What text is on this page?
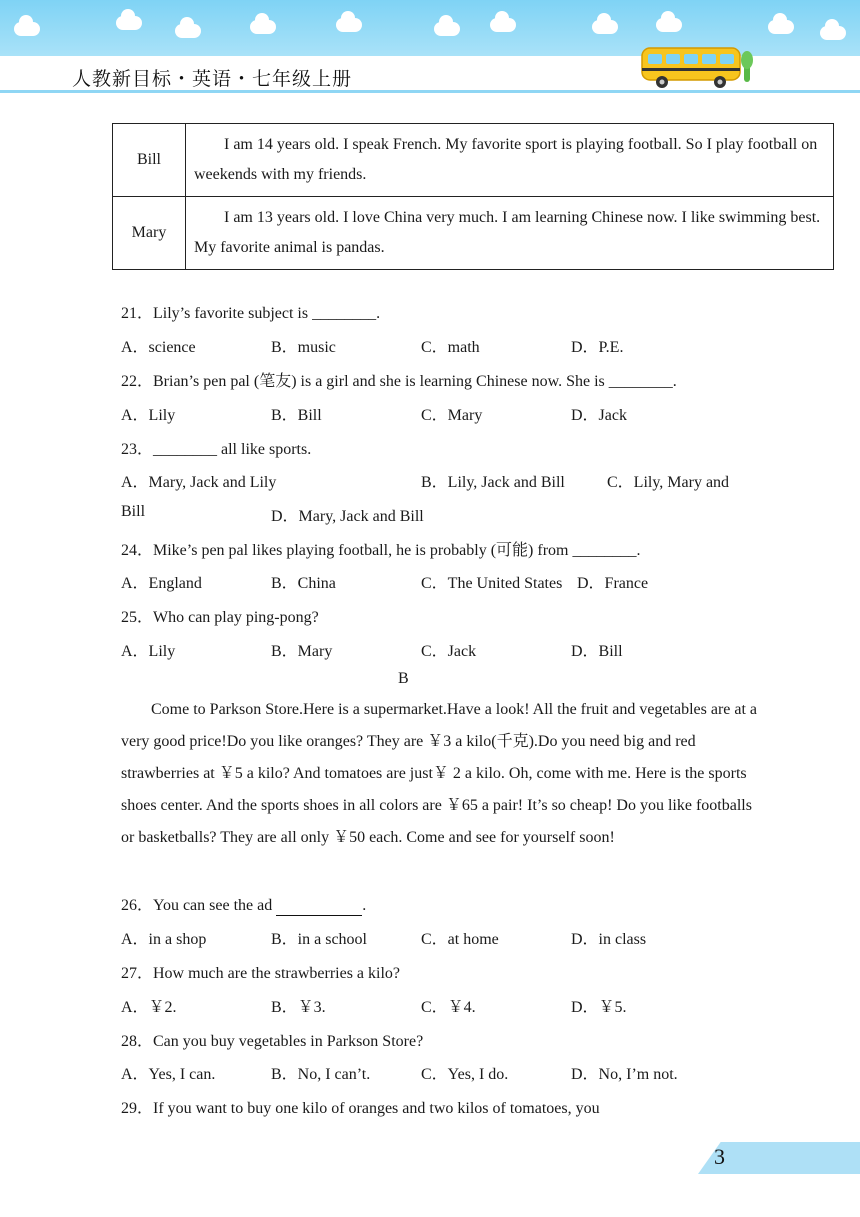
人教新目标・英语・七年级上册
Bill	I am 14 years old. I speak French. My favorite sport is playing football. So I play football on weekends with my friends.
Mary	I am 13 years old. I love China very much. I am learning Chinese now. I like swimming best. My favorite animal is pandas.
21．Lily’s favorite subject is ________.
A．science	B．music	C．math	D．P.E.
22．Brian’s pen pal (笔友) is a girl and she is learning Chinese now. She is ________.
A．Lily	B．Bill	C．Mary	D．Jack
23．________ all like sports.
A．Mary, Jack and Lily	B．Lily, Jack and Bill	C．Lily, Mary and
Bill	D．Mary, Jack and Bill
24．Mike’s pen pal likes playing football, he is probably (可能) from ________.
A．England	B．China	C．The United States D．France
25．Who can play ping-pong?
A．Lily	B．Mary	C．Jack	D．Bill
B
Come to Parkson Store.Here is a supermarket.Have a look! All the fruit and vegetables are at a very good price!Do you like oranges? They are ￥3 a kilo(千克).Do you need big and red strawberries at ￥5 a kilo? And tomatoes are just￥ 2 a kilo. Oh, come with me. Here is the sports shoes center. And the sports shoes in all colors are ￥65 a pair! It’s so cheap! Do you like footballs or basketballs? They are all only ￥50 each. Come and see for yourself soon!
26．You can see the ad	.
A．in a shop	B．in a school	C．at home	D．in class
27．How much are the strawberries a kilo?
A．￥2.	B．￥3.	C．￥4.	D．￥5.
28．Can you buy vegetables in Parkson Store?
A．Yes, I can.	B．No, I can’t.	C．Yes, I do.	D．No, I’m not.
29．If you want to buy one kilo of oranges and two kilos of tomatoes, you
3
